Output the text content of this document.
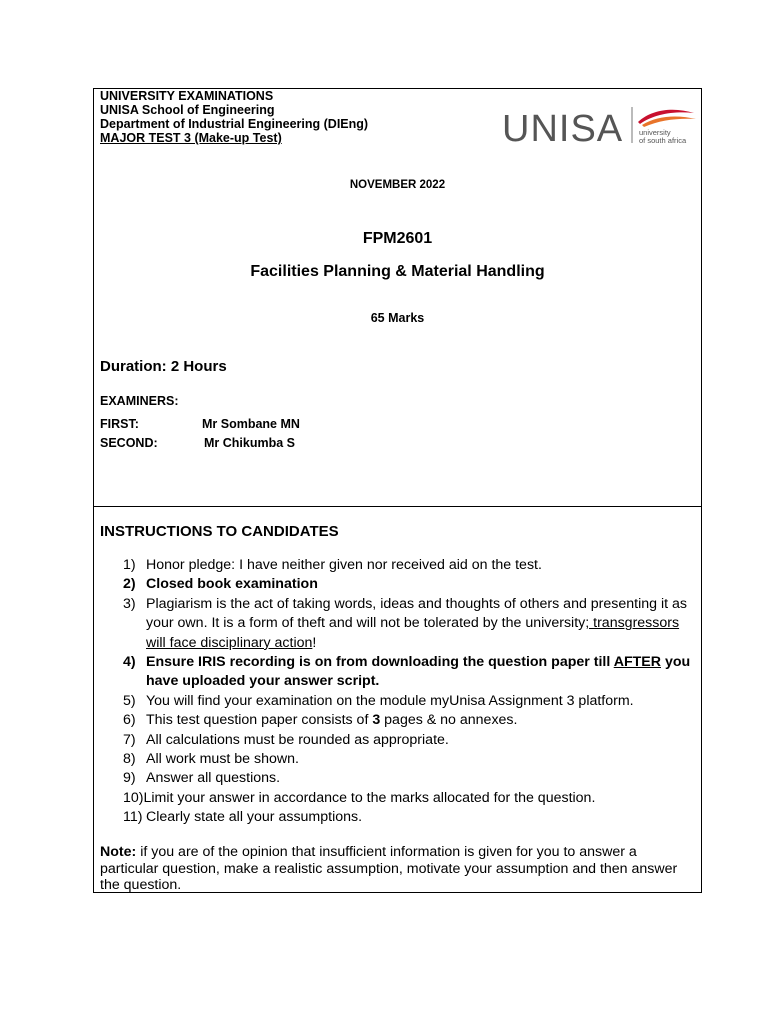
UNIVERSITY EXAMINATIONS
UNISA School of Engineering
Department of Industrial Engineering (DIEng)
MAJOR TEST 3 (Make-up Test)	UNISA university
of south africa
NOVEMBER 2022
FPM2601
Facilities Planning & Material Handling
65 Marks
Duration: 2 Hours
EXAMINERS:
FIRST:	Mr Sombane MN
SECOND:	Mr Chikumba S
INSTRUCTIONS TO CANDIDATES
1) Honor pledge: I have neither given nor received aid on the test.
2) Closed book examination
3) Plagiarism is the act of taking words, ideas and thoughts of others and presenting it as your own. It is a form of theft and will not be tolerated by the university; transgressors will face disciplinary action!
4) Ensure IRIS recording is on from downloading the question paper till AFTER you have uploaded your answer script.
5) You will find your examination on the module myUnisa Assignment 3 platform.
6) This test question paper consists of 3 pages & no annexes.
7) All calculations must be rounded as appropriate.
8) All work must be shown.
9) Answer all questions.
10)Limit your answer in accordance to the marks allocated for the question.
11) Clearly state all your assumptions.
Note: if you are of the opinion that insufficient information is given for you to answer a particular question, make a realistic assumption, motivate your assumption and then answer the question.
